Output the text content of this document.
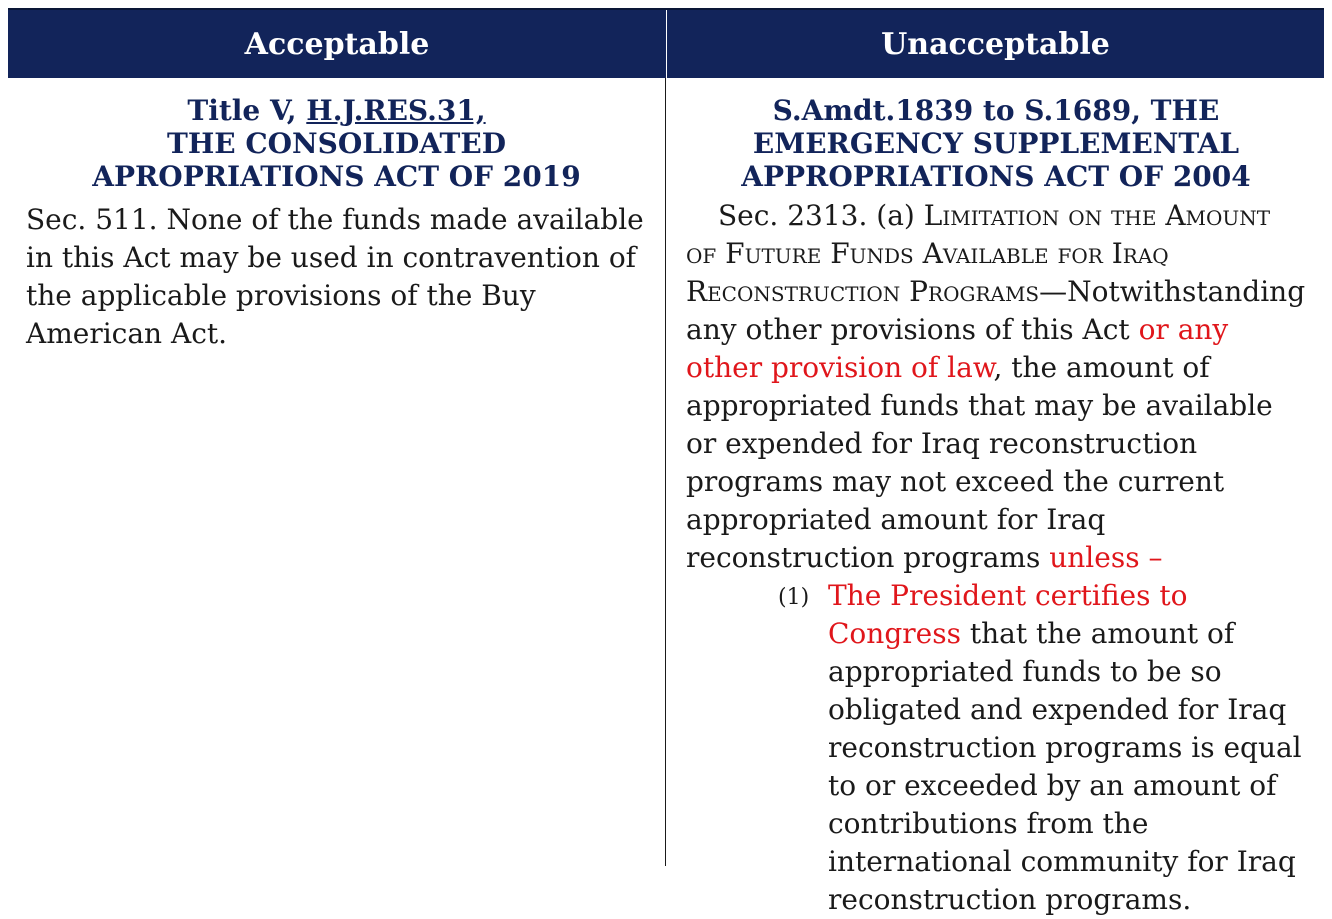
Acceptable	Unacceptable

Title V, H.J.RES.31,
THE CONSOLIDATED
APROPRIATIONS ACT OF 2019

Sec. 511. None of the funds made available in this Act may be used in contravention of the applicable provisions of the Buy American Act.

S.Amdt.1839 to S.1689, THE
EMERGENCY SUPPLEMENTAL
APPROPRIATIONS ACT OF 2004

Sec. 2313. (a) Limitation on the Amount of Future Funds Available for Iraq Reconstruction Programs—Notwithstanding any other provisions of this Act or any other provision of law, the amount of appropriated funds that may be available or expended for Iraq reconstruction programs may not exceed the current appropriated amount for Iraq reconstruction programs unless –
(1) The President certifies to Congress that the amount of appropriated funds to be so obligated and expended for Iraq reconstruction programs is equal to or exceeded by an amount of contributions from the international community for Iraq reconstruction programs.
